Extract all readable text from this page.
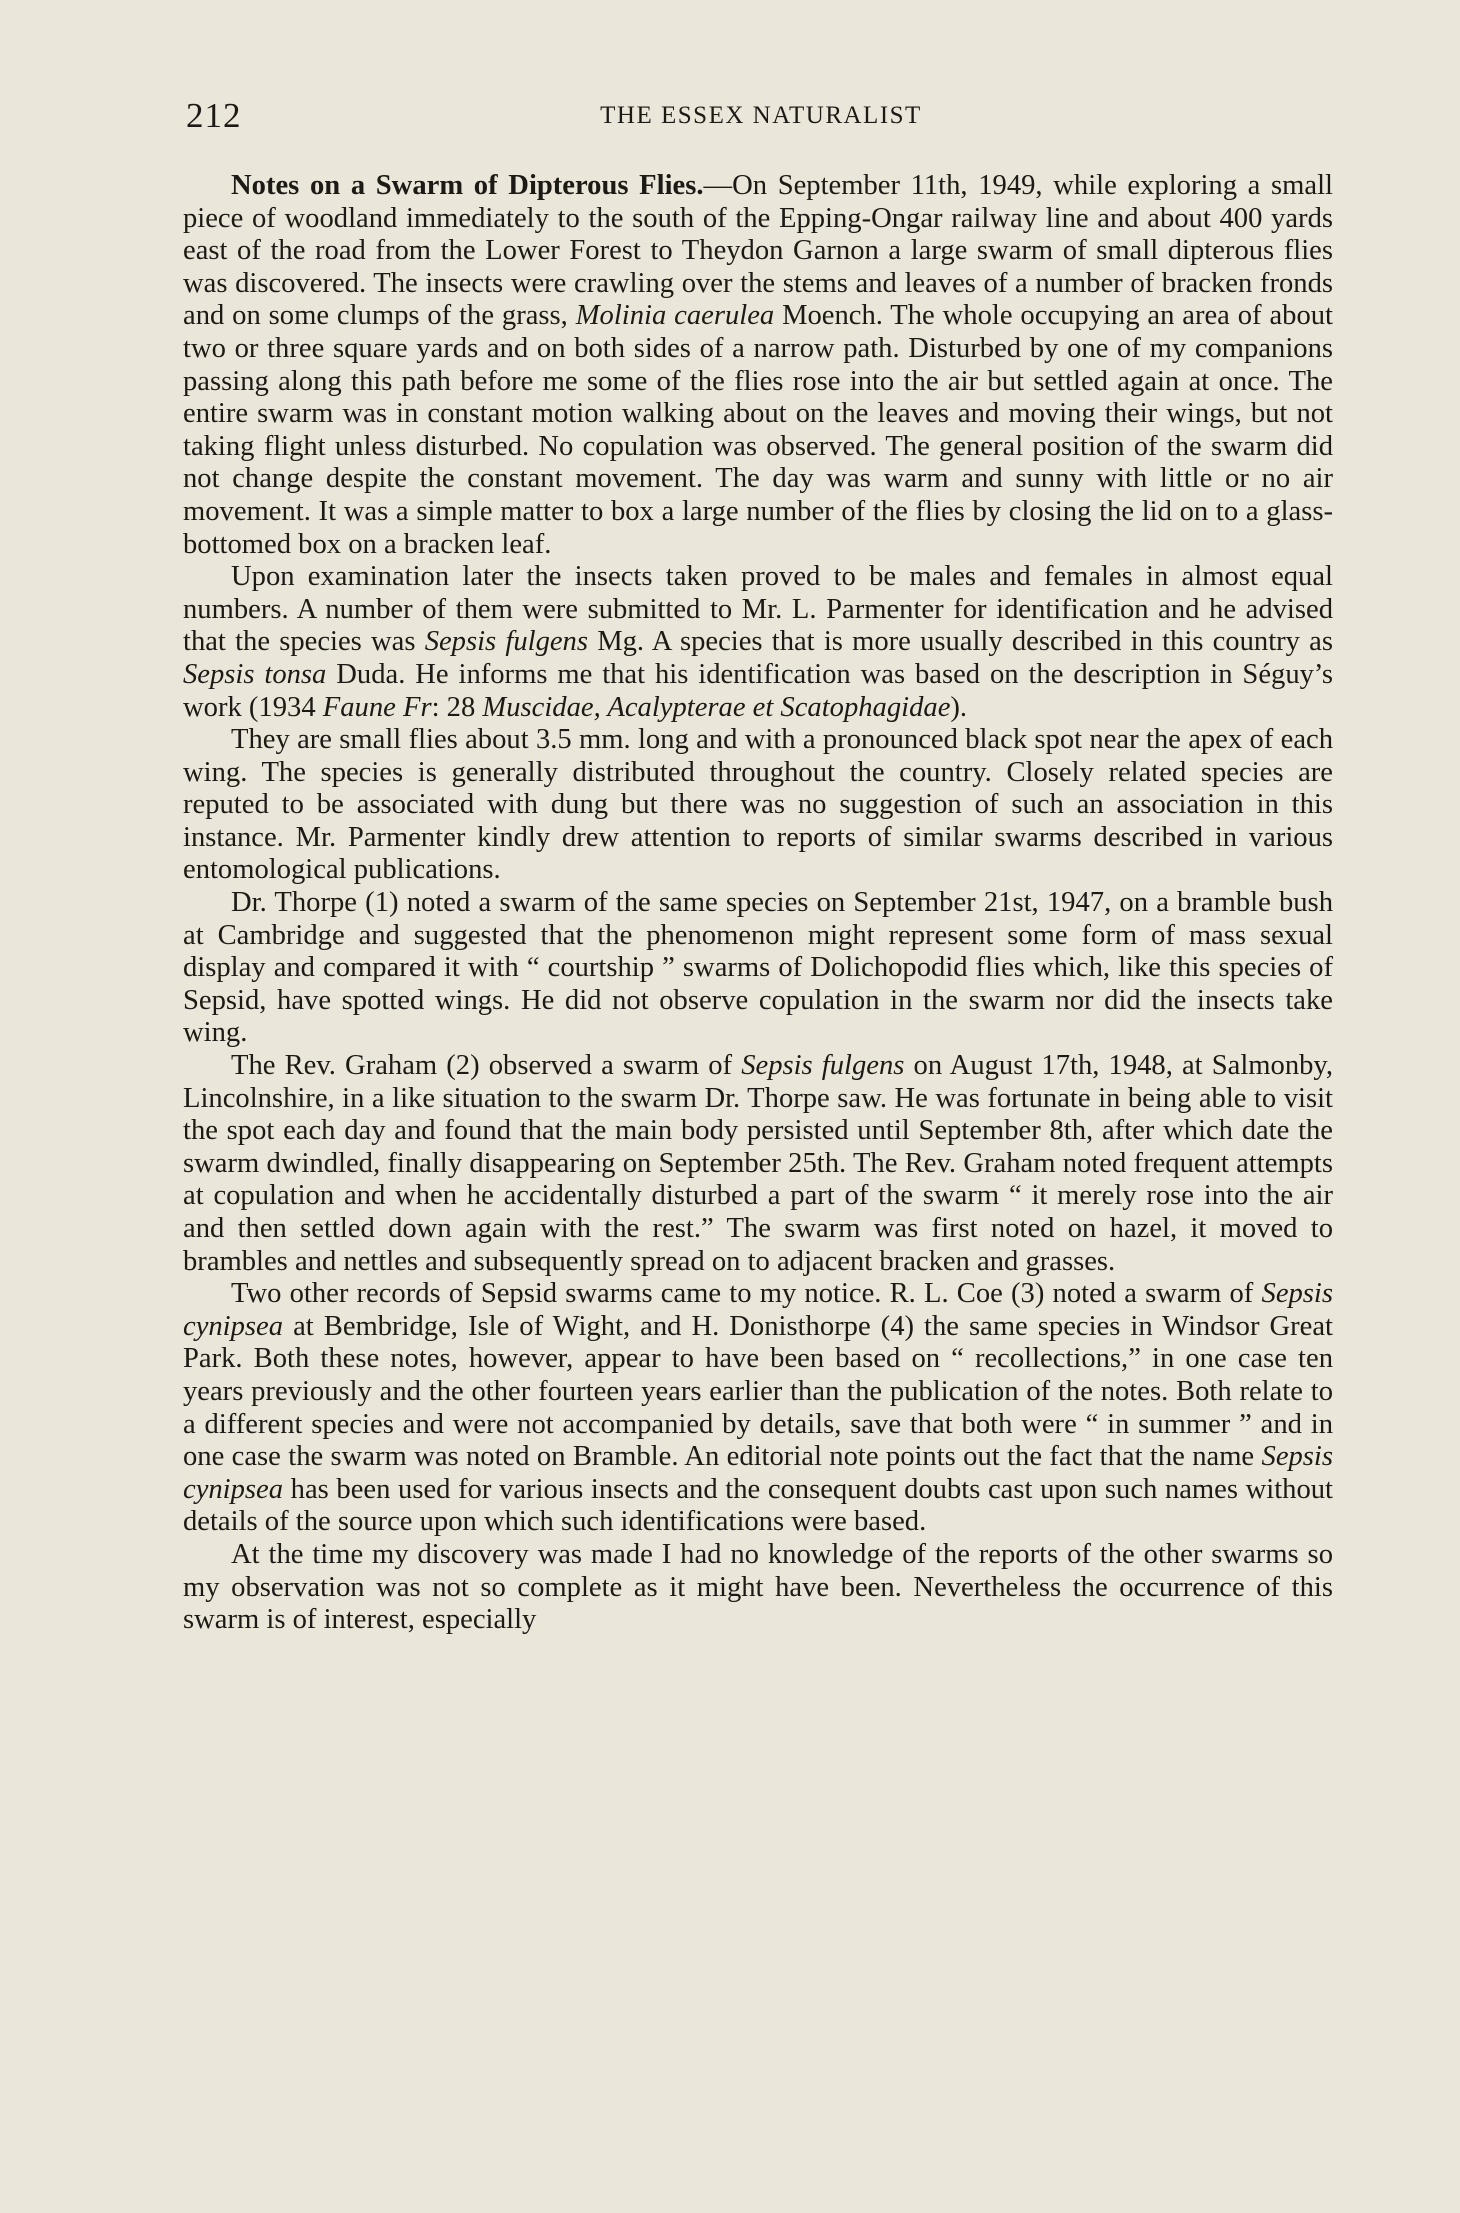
212	THE ESSEX NATURALIST

Notes on a Swarm of Dipterous Flies.—On September 11th, 1949, while exploring a small piece of woodland immediately to the south of the Epping-Ongar railway line and about 400 yards east of the road from the Lower Forest to Theydon Garnon a large swarm of small dipterous flies was discovered. The insects were crawling over the stems and leaves of a number of bracken fronds and on some clumps of the grass, Molinia caerulea Moench. The whole occupying an area of about two or three square yards and on both sides of a narrow path. Disturbed by one of my companions passing along this path before me some of the flies rose into the air but settled again at once. The entire swarm was in constant motion walking about on the leaves and moving their wings, but not taking flight unless disturbed. No copulation was observed. The general position of the swarm did not change despite the constant movement. The day was warm and sunny with little or no air movement. It was a simple matter to box a large number of the flies by closing the lid on to a glass-bottomed box on a bracken leaf.

Upon examination later the insects taken proved to be males and females in almost equal numbers. A number of them were submitted to Mr. L. Parmenter for identification and he advised that the species was Sepsis fulgens Mg. A species that is more usually described in this country as Sepsis tonsa Duda. He informs me that his identification was based on the description in Séguy’s work (1934 Faune Fr: 28 Muscidae, Acalypterae et Scatophagidae).

They are small flies about 3.5 mm. long and with a pronounced black spot near the apex of each wing. The species is generally distributed throughout the country. Closely related species are reputed to be associated with dung but there was no suggestion of such an association in this instance. Mr. Parmenter kindly drew attention to reports of similar swarms described in various entomological publications.

Dr. Thorpe (1) noted a swarm of the same species on September 21st, 1947, on a bramble bush at Cambridge and suggested that the phenomenon might represent some form of mass sexual display and compared it with “ courtship ” swarms of Dolichopodid flies which, like this species of Sepsid, have spotted wings. He did not observe copulation in the swarm nor did the insects take wing.

The Rev. Graham (2) observed a swarm of Sepsis fulgens on August 17th, 1948, at Salmonby, Lincolnshire, in a like situation to the swarm Dr. Thorpe saw. He was fortunate in being able to visit the spot each day and found that the main body persisted until September 8th, after which date the swarm dwindled, finally disappearing on September 25th. The Rev. Graham noted frequent attempts at copulation and when he accidentally disturbed a part of the swarm “ it merely rose into the air and then settled down again with the rest.” The swarm was first noted on hazel, it moved to brambles and nettles and subsequently spread on to adjacent bracken and grasses.

Two other records of Sepsid swarms came to my notice. R. L. Coe (3) noted a swarm of Sepsis cynipsea at Bembridge, Isle of Wight, and H. Donisthorpe (4) the same species in Windsor Great Park. Both these notes, however, appear to have been based on “ recollections,” in one case ten years previously and the other fourteen years earlier than the publication of the notes. Both relate to a different species and were not accompanied by details, save that both were “ in summer ” and in one case the swarm was noted on Bramble. An editorial note points out the fact that the name Sepsis cynipsea has been used for various insects and the consequent doubts cast upon such names without details of the source upon which such identifications were based.

At the time my discovery was made I had no knowledge of the reports of the other swarms so my observation was not so complete as it might have been. Nevertheless the occurrence of this swarm is of interest, especially
